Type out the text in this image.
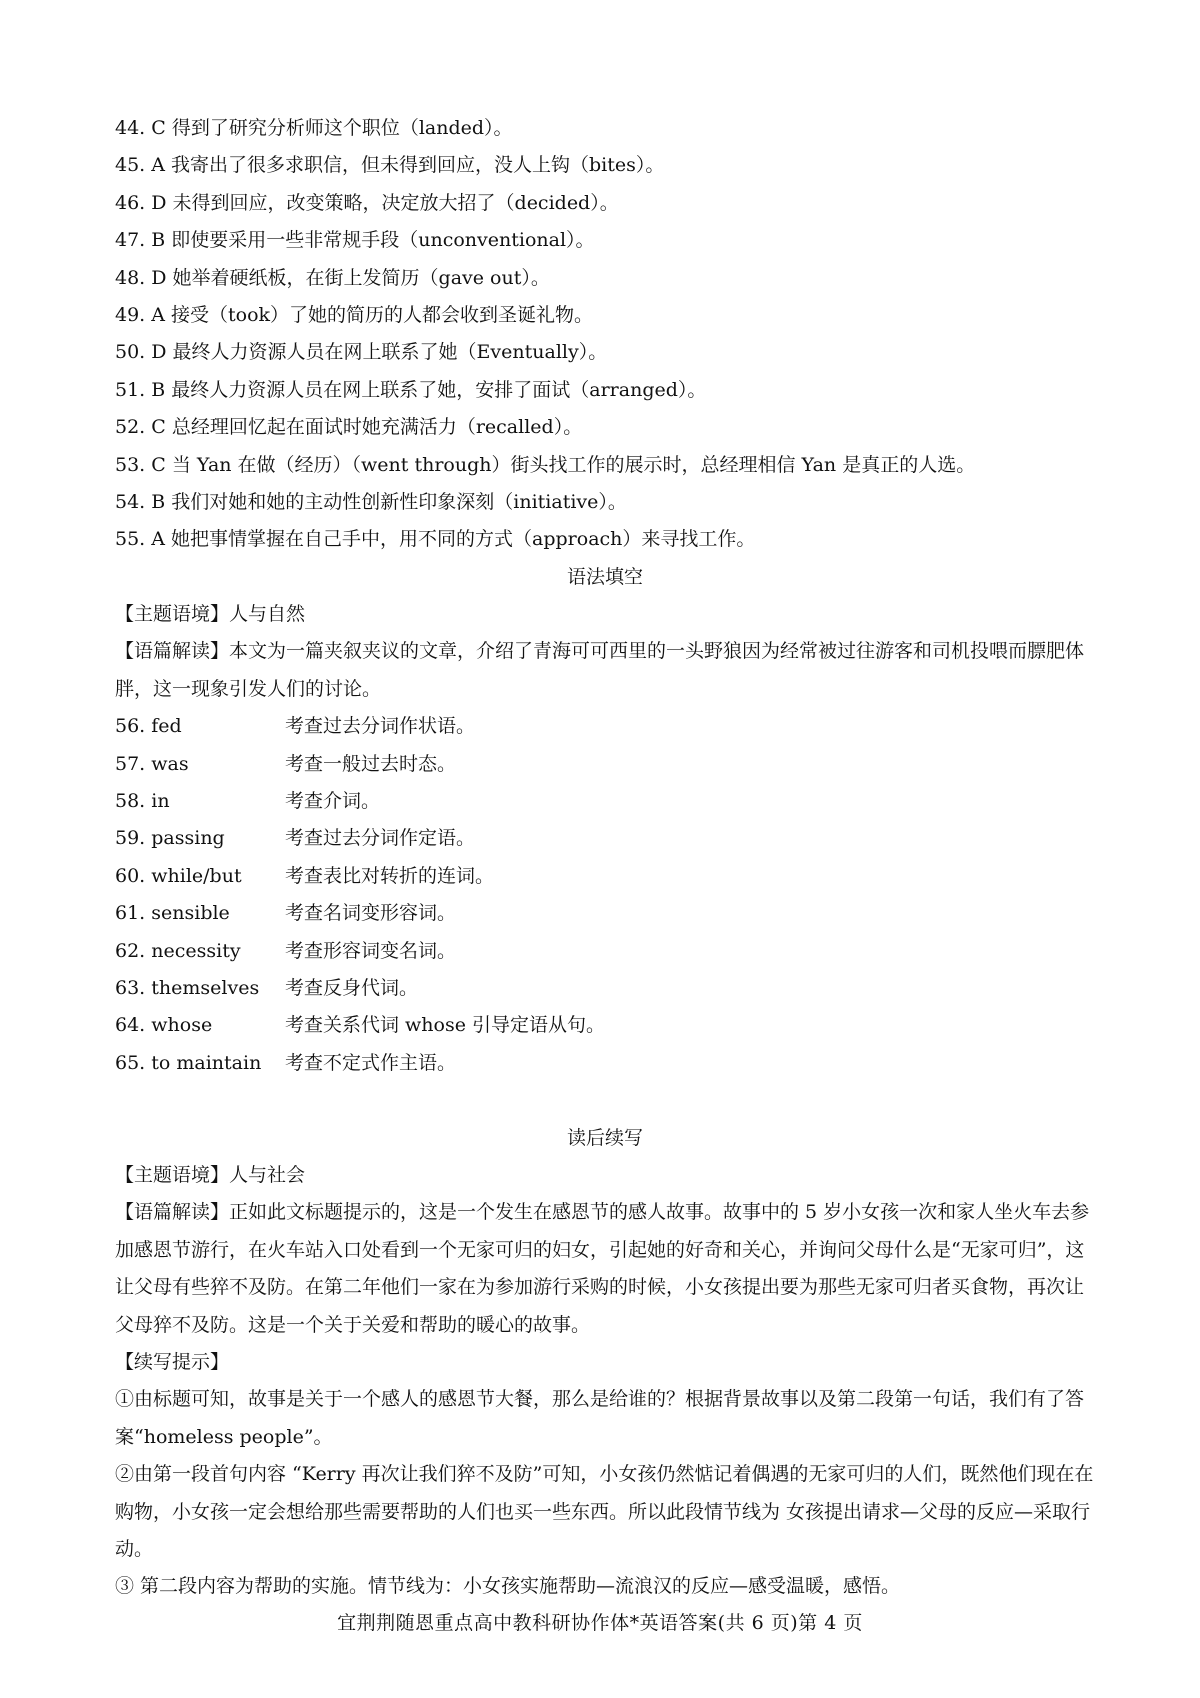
44. C 得到了研究分析师这个职位（landed）。
45. A 我寄出了很多求职信，但未得到回应，没人上钩（bites）。
46. D 未得到回应，改变策略，决定放大招了（decided）。
47. B 即使要采用一些非常规手段（unconventional）。
48. D 她举着硬纸板，在街上发简历（gave out）。
49. A 接受（took）了她的简历的人都会收到圣诞礼物。
50. D 最终人力资源人员在网上联系了她（Eventually）。
51. B 最终人力资源人员在网上联系了她，安排了面试（arranged）。
52. C 总经理回忆起在面试时她充满活力（recalled）。
53. C 当 Yan 在做（经历）（went through）街头找工作的展示时，总经理相信 Yan 是真正的人选。
54. B 我们对她和她的主动性创新性印象深刻（initiative）。
55. A 她把事情掌握在自己手中，用不同的方式（approach）来寻找工作。
语法填空
【主题语境】人与自然
【语篇解读】本文为一篇夹叙夹议的文章，介绍了青海可可西里的一头野狼因为经常被过往游客和司机投喂而膘肥体胖，这一现象引发人们的讨论。
56. fed	考查过去分词作状语。
57. was	考查一般过去时态。
58. in	考查介词。
59. passing	考查过去分词作定语。
60. while/but	考查表比对转折的连词。
61. sensible	考查名词变形容词。
62. necessity	考查形容词变名词。
63. themselves	考查反身代词。
64. whose	考查关系代词 whose 引导定语从句。
65. to maintain	考查不定式作主语。
读后续写
【主题语境】人与社会
【语篇解读】正如此文标题提示的，这是一个发生在感恩节的感人故事。故事中的 5 岁小女孩一次和家人坐火车去参加感恩节游行，在火车站入口处看到一个无家可归的妇女，引起她的好奇和关心，并询问父母什么是“无家可归”，这让父母有些猝不及防。在第二年他们一家在为参加游行采购的时候，小女孩提出要为那些无家可归者买食物，再次让父母猝不及防。这是一个关于关爱和帮助的暖心的故事。
【续写提示】
①由标题可知，故事是关于一个感人的感恩节大餐，那么是给谁的？根据背景故事以及第二段第一句话，我们有了答案“homeless people”。
②由第一段首句内容 “Kerry 再次让我们猝不及防”可知，小女孩仍然惦记着偶遇的无家可归的人们，既然他们现在在购物，小女孩一定会想给那些需要帮助的人们也买一些东西。所以此段情节线为 女孩提出请求—父母的反应—采取行动。
③ 第二段内容为帮助的实施。情节线为：小女孩实施帮助—流浪汉的反应—感受温暖，感悟。
宜荆荆随恩重点高中教科研协作体*英语答案(共 6 页)第 4 页
